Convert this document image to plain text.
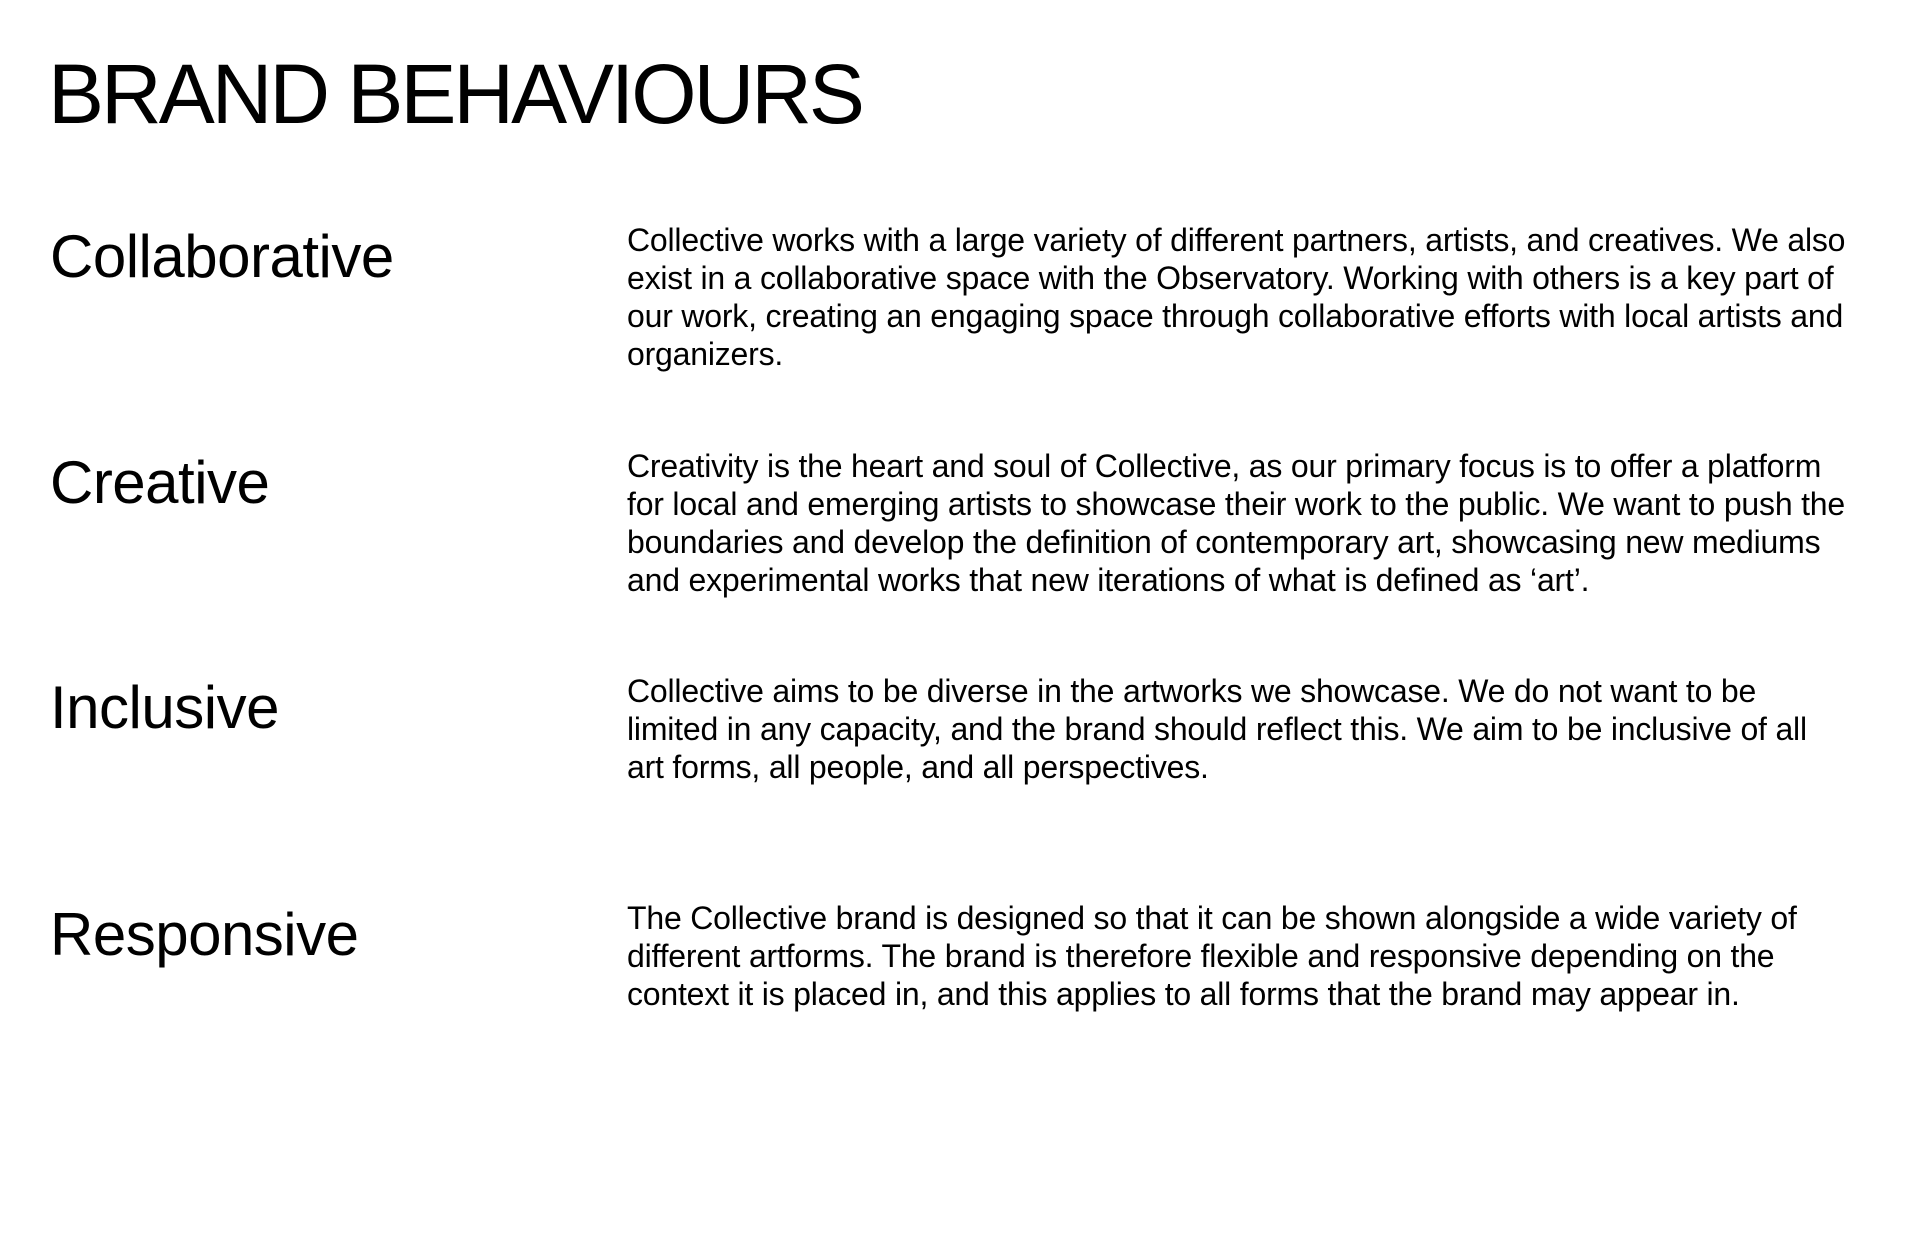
BRAND BEHAVIOURS
Collaborative	Collective works with a large variety of different partners, artists, and creatives. We also exist in a collaborative space with the Observatory. Working with others is a key part of our work, creating an engaging space through collaborative efforts with local artists and organizers.

Creative	Creativity is the heart and soul of Collective, as our primary focus is to offer a platform for local and emerging artists to showcase their work to the public. We want to push the boundaries and develop the definition of contemporary art, showcasing new mediums and experimental works that new iterations of what is defined as ‘art’.

Inclusive	Collective aims to be diverse in the artworks we showcase. We do not want to be limited in any capacity, and the brand should reflect this. We aim to be inclusive of all art forms, all people, and all perspectives.

Responsive	The Collective brand is designed so that it can be shown alongside a wide variety of different artforms. The brand is therefore flexible and responsive depending on the context it is placed in, and this applies to all forms that the brand may appear in.
